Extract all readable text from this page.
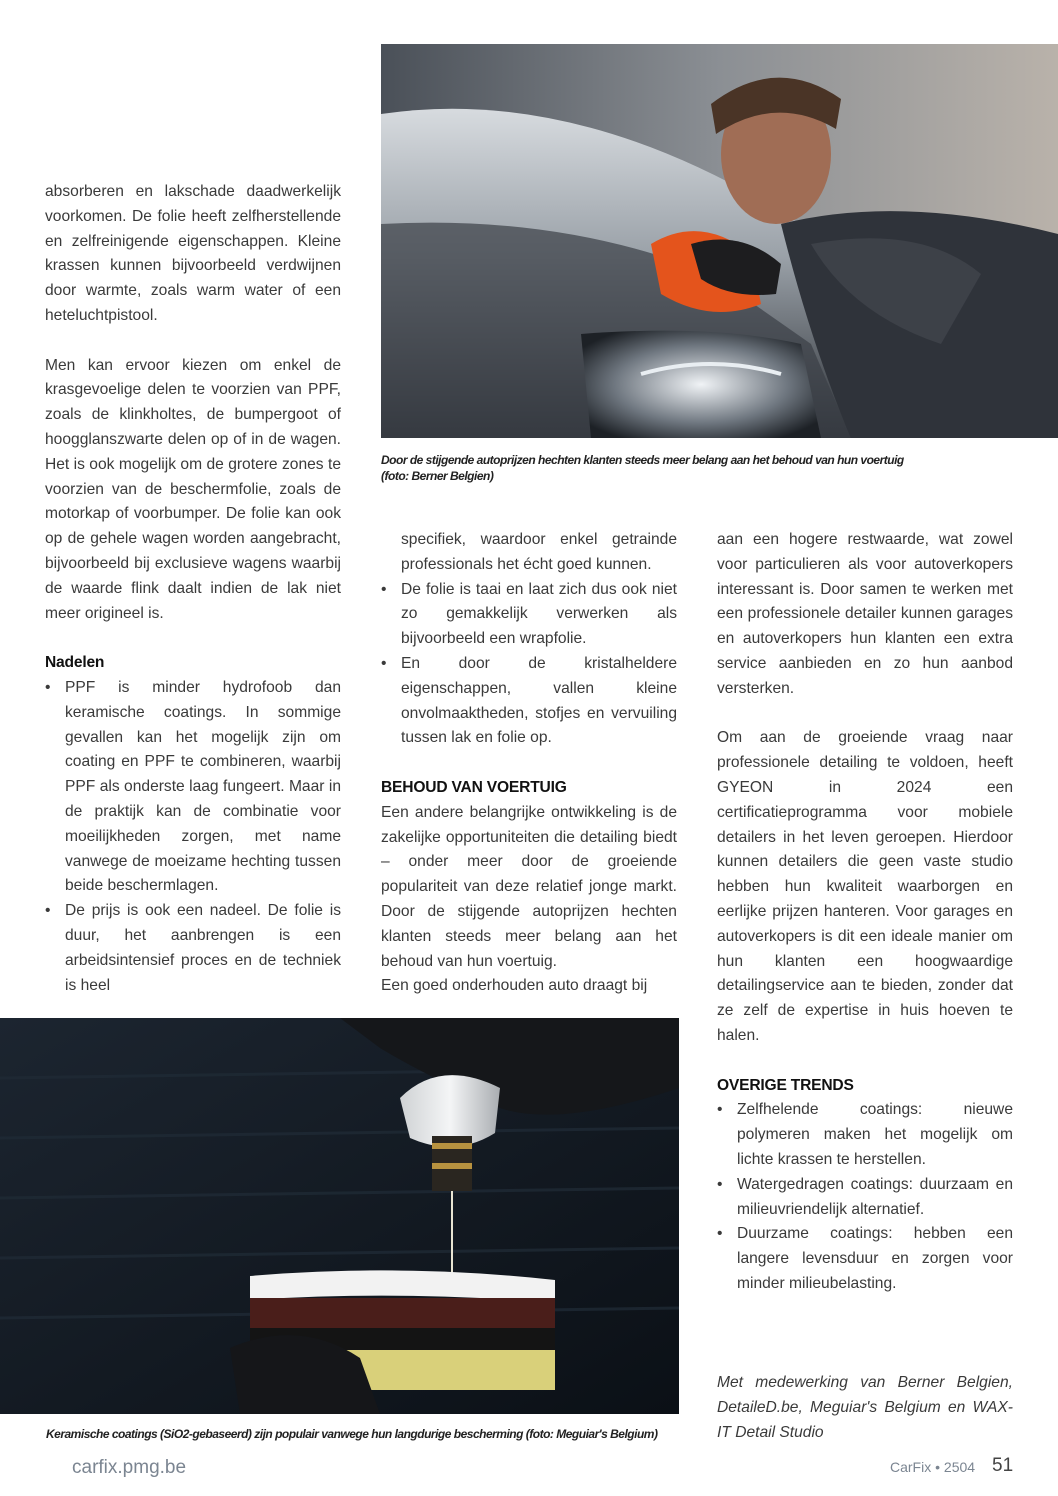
Door de stijgende autoprijzen hechten klanten steeds meer belang aan het behoud van hun voertuig
(foto: Berner Belgien)

absorberen en lakschade daadwerkelijk voorkomen. De folie heeft zelfherstellende en zelfreinigende eigenschappen. Kleine krassen kunnen bijvoorbeeld verdwijnen door warmte, zoals warm water of een heteluchtpistool.

Men kan ervoor kiezen om enkel de krasgevoelige delen te voorzien van PPF, zoals de klinkholtes, de bumpergoot of hoogglanszwarte delen op of in de wagen. Het is ook mogelijk om de grotere zones te voorzien van de beschermfolie, zoals de motorkap of voorbumper. De folie kan ook op de gehele wagen worden aangebracht, bijvoorbeeld bij exclusieve wagens waarbij de waarde flink daalt indien de lak niet meer origineel is.

Nadelen
• PPF is minder hydrofoob dan keramische coatings. In sommige gevallen kan het mogelijk zijn om coating en PPF te combineren, waarbij PPF als onderste laag fungeert. Maar in de praktijk kan de combinatie voor moeilijkheden zorgen, met name vanwege de moeizame hechting tussen beide beschermlagen.
• De prijs is ook een nadeel. De folie is duur, het aanbrengen is een arbeidsintensief proces en de techniek is heel
specifiek, waardoor enkel getrainde professionals het écht goed kunnen.
• De folie is taai en laat zich dus ook niet zo gemakkelijk verwerken als bijvoorbeeld een wrapfolie.
• En door de kristalheldere eigenschappen, vallen kleine onvolmaaktheden, stofjes en vervuiling tussen lak en folie op.
BEHOUD VAN VOERTUIG

Een andere belangrijke ontwikkeling is de zakelijke opportuniteiten die detailing biedt – onder meer door de groeiende populariteit van deze relatief jonge markt. Door de stijgende autoprijzen hechten klanten steeds meer belang aan het behoud van hun voertuig.

Een goed onderhouden auto draagt bij

aan een hogere restwaarde, wat zowel voor particulieren als voor autoverkopers interessant is. Door samen te werken met een professionele detailer kunnen garages en autoverkopers hun klanten een extra service aanbieden en zo hun aanbod versterken.

Om aan de groeiende vraag naar professionele detailing te voldoen, heeft GYEON in 2024 een certificatieprogramma voor mobiele detailers in het leven geroepen. Hierdoor kunnen detailers die geen vaste studio hebben hun kwaliteit waarborgen en eerlijke prijzen hanteren. Voor garages en autoverkopers is dit een ideale manier om hun klanten een hoogwaardige detailingservice aan te bieden, zonder dat ze zelf de expertise in huis hoeven te halen.

OVERIGE TRENDS
• Zelfhelende coatings: nieuwe polymeren maken het mogelijk om lichte krassen te herstellen.
• Watergedragen coatings: duurzaam en milieuvriendelijk alternatief.
• Duurzame coatings: hebben een langere levensduur en zorgen voor minder milieubelasting.
Met medewerking van Berner Belgien, DetaileD.be, Meguiar's Belgium en WAX-IT Detail Studio
Keramische coatings (SiO2-gebaseerd) zijn populair vanwege hun langdurige bescherming (foto: Meguiar's Belgium)
carfix.pmg.be	CarFix • 2504 51
